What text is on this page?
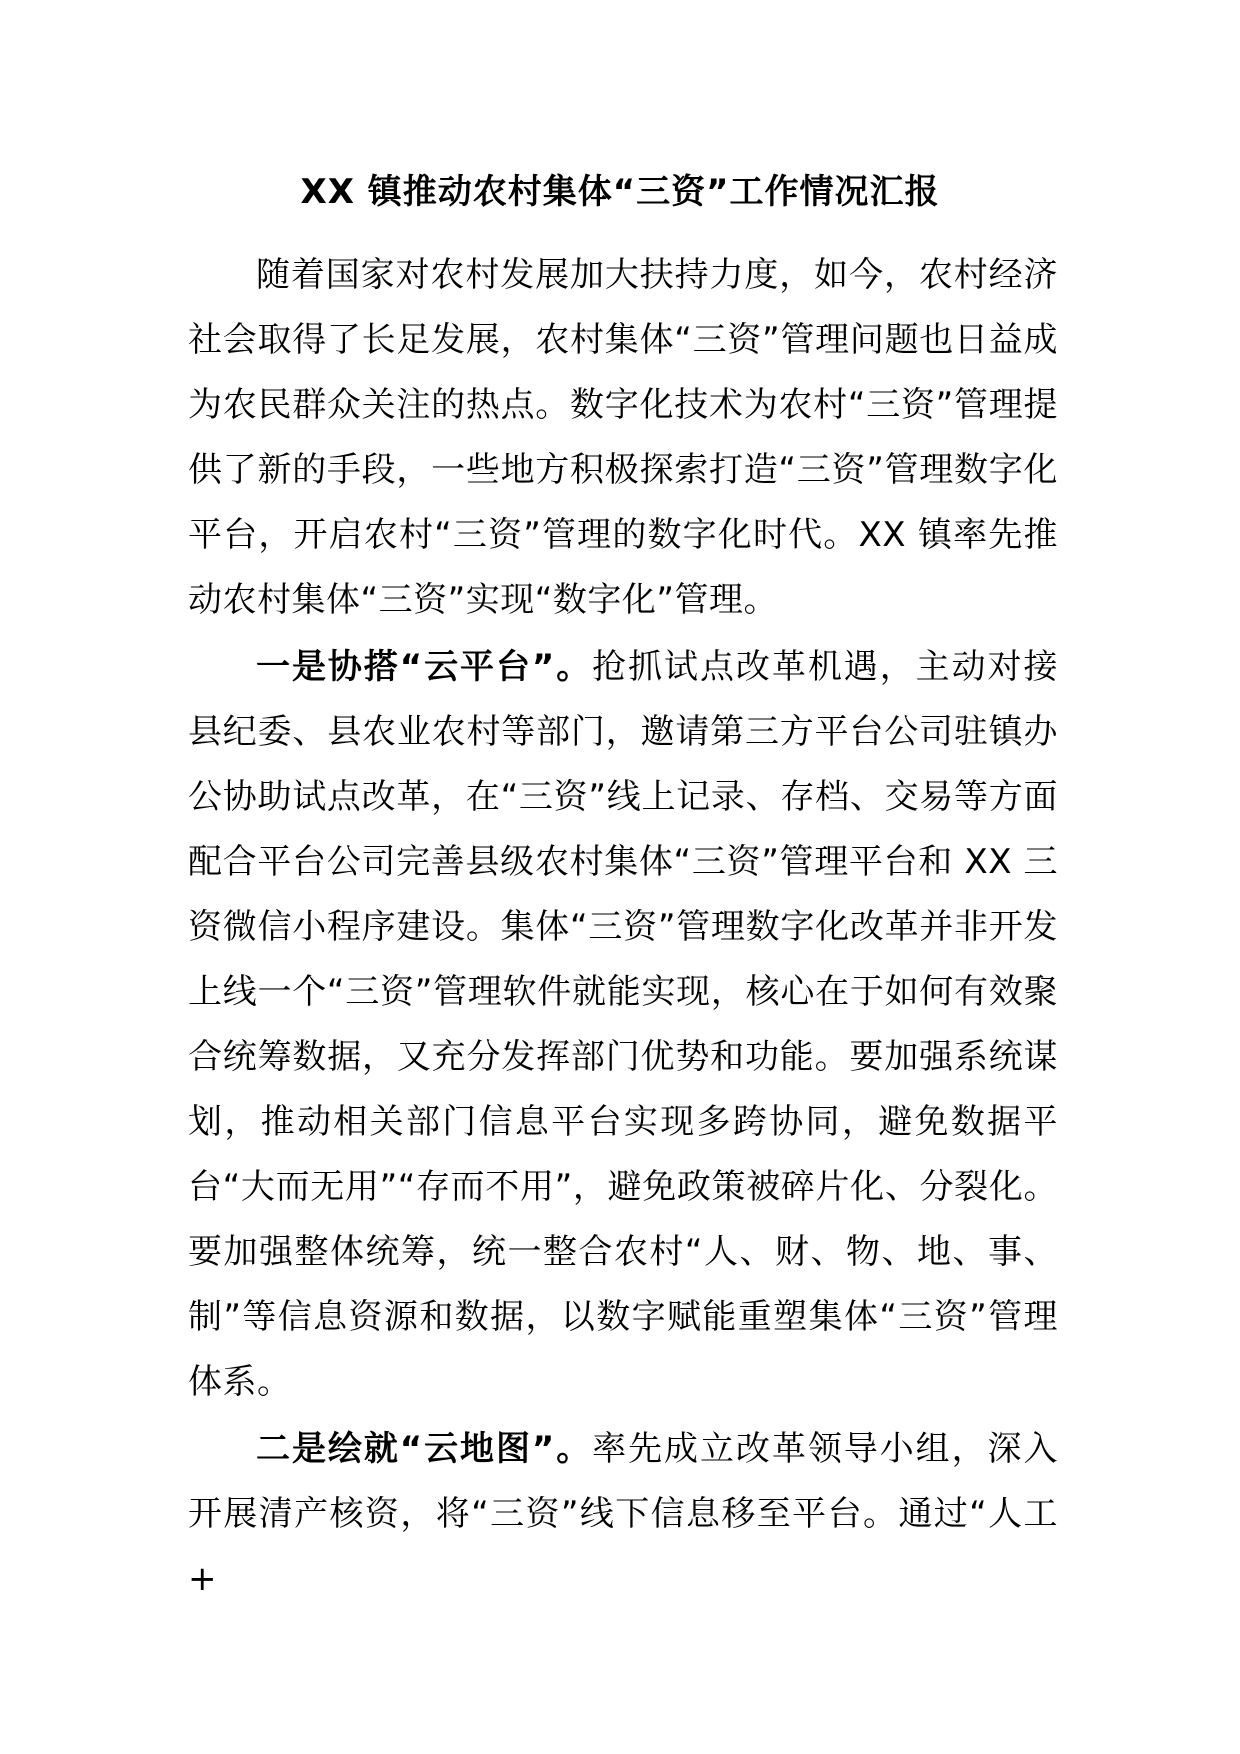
XX 镇推动农村集体“三资”工作情况汇报

随着国家对农村发展加大扶持力度，如今，农村经济社会取得了长足发展，农村集体“三资”管理问题也日益成为农民群众关注的热点。数字化技术为农村“三资”管理提供了新的手段，一些地方积极探索打造“三资”管理数字化平台，开启农村“三资”管理的数字化时代。XX 镇率先推动农村集体“三资”实现“数字化”管理。

一是协搭“云平台”。抢抓试点改革机遇，主动对接县纪委、县农业农村等部门，邀请第三方平台公司驻镇办公协助试点改革，在“三资”线上记录、存档、交易等方面配合平台公司完善县级农村集体“三资”管理平台和 XX 三资微信小程序建设。集体“三资”管理数字化改革并非开发上线一个“三资”管理软件就能实现，核心在于如何有效聚合统筹数据，又充分发挥部门优势和功能。要加强系统谋划，推动相关部门信息平台实现多跨协同，避免数据平台“大而无用”“存而不用”，避免政策被碎片化、分裂化。要加强整体统筹，统一整合农村“人、财、物、地、事、制”等信息资源和数据，以数字赋能重塑集体“三资”管理体系。

二是绘就“云地图”。率先成立改革领导小组，深入开展清产核资，将“三资”线下信息移至平台。通过“人工+
